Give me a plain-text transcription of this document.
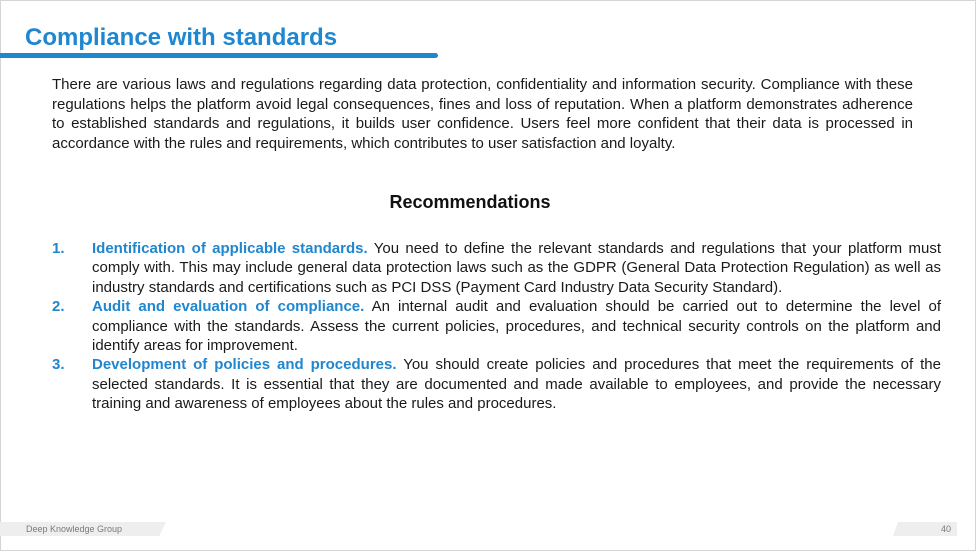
Compliance with standards

There are various laws and regulations regarding data protection, confidentiality and information security. Compliance with these regulations helps the platform avoid legal consequences, fines and loss of reputation. When a platform demonstrates adherence to established standards and regulations, it builds user confidence. Users feel more confident that their data is processed in accordance with the rules and requirements, which contributes to user satisfaction and loyalty.

Recommendations
1. Identification of applicable standards. You need to define the relevant standards and regulations that your platform must comply with. This may include general data protection laws such as the GDPR (General Data Protection Regulation) as well as industry standards and certifications such as PCI DSS (Payment Card Industry Data Security Standard).
2. Audit and evaluation of compliance. An internal audit and evaluation should be carried out to determine the level of compliance with the standards. Assess the current policies, procedures, and technical security controls on the platform and identify areas for improvement.
3. Development of policies and procedures. You should create policies and procedures that meet the requirements of the selected standards. It is essential that they are documented and made available to employees, and provide the necessary training and awareness of employees about the rules and procedures.
Deep Knowledge Group	40
